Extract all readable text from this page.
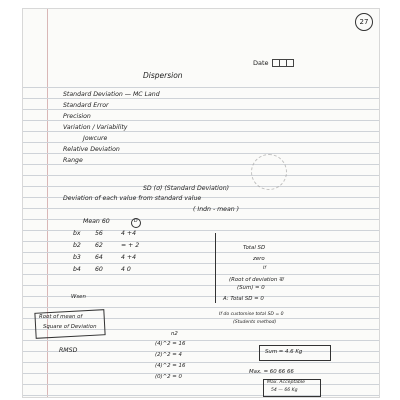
27
Date
Dispersion
Standard Deviation — MC Land
Standard Error
Precision
Variation / Variability
Jowcure
Relative Deviation
Range
SD (σ) (Standard Deviation)
Deviation of each value from standard value
( Indn - mean )
Mean 60	D
bx 56	4 +4
b2 62	= + 2
b3 64	4 +4
b4 60	4 0
Wsen
Total SD
zero
If
(Root of deviation बा
(Sum) = 0
A: Total SD = 0
Root of mean of
Square of Deviation
If do customise total SD = 0
(Students method)
n2
RMSD
(4)^2 = 16
(2)^2 = 4
(4)^2 = 16
(0)^2 = 0
Sum = 4.6 Kg
Max. = 60 66 66
Max. Acceptable
54 — 66 Kg
